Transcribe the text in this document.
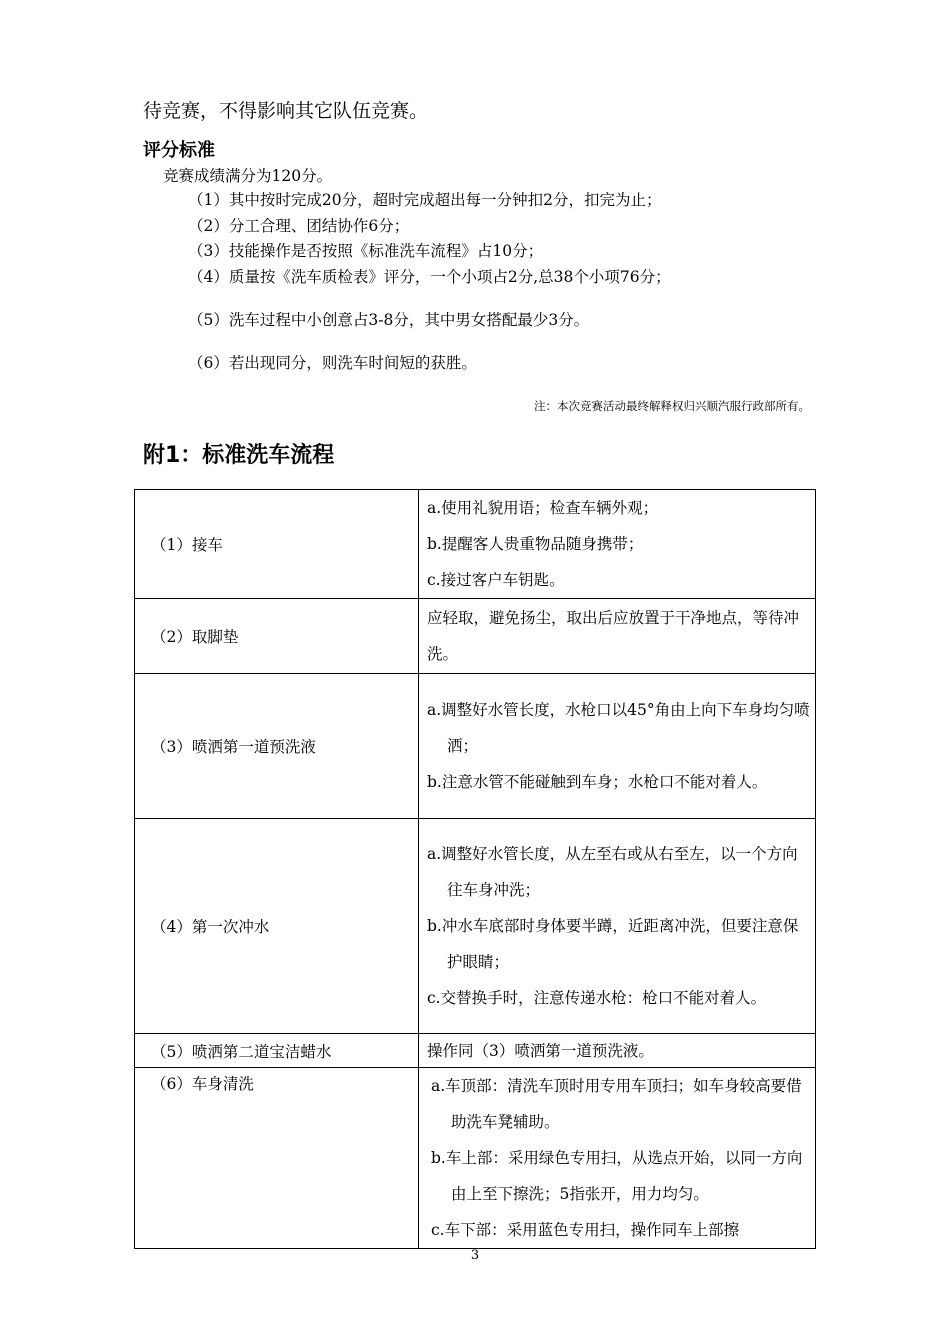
待竞赛，不得影响其它队伍竞赛。
评分标准
竞赛成绩满分为120分。
（1）其中按时完成20分，超时完成超出每一分钟扣2分，扣完为止；
（2）分工合理、团结协作6分；
（3）技能操作是否按照《标准洗车流程》占10分；
（4）质量按《洗车质检表》评分，一个小项占2分,总38个小项76分；
（5）洗车过程中小创意占3-8分，其中男女搭配最少3分。
（6）若出现同分，则洗车时间短的获胜。
注：本次竞赛活动最终解释权归兴顺汽服行政部所有。
附1：标准洗车流程
（1）接车	a.使用礼貌用语；检查车辆外观；
b.提醒客人贵重物品随身携带；
c.接过客户车钥匙。

（2）取脚垫	应轻取，避免扬尘，取出后应放置于干净地点，等待冲洗。

（3）喷洒第一道预洗液	a.调整好水管长度，水枪口以45°角由上向下车身均匀喷洒；
b.注意水管不能碰触到车身；水枪口不能对着人。

（4）第一次冲水	a.调整好水管长度，从左至右或从右至左，以一个方向往车身冲洗；
b.冲水车底部时身体要半蹲，近距离冲洗，但要注意保护眼睛；
c.交替换手时，注意传递水枪：枪口不能对着人。

（5）喷洒第二道宝洁蜡水	操作同（3）喷洒第一道预洗液。

（6）车身清洗	a.车顶部：清洗车顶时用专用车顶扫；如车身较高要借助洗车凳辅助。
b.车上部：采用绿色专用扫，从选点开始，以同一方向由上至下擦洗；5指张开，用力均匀。
c.车下部：采用蓝色专用扫，操作同车上部擦
3
